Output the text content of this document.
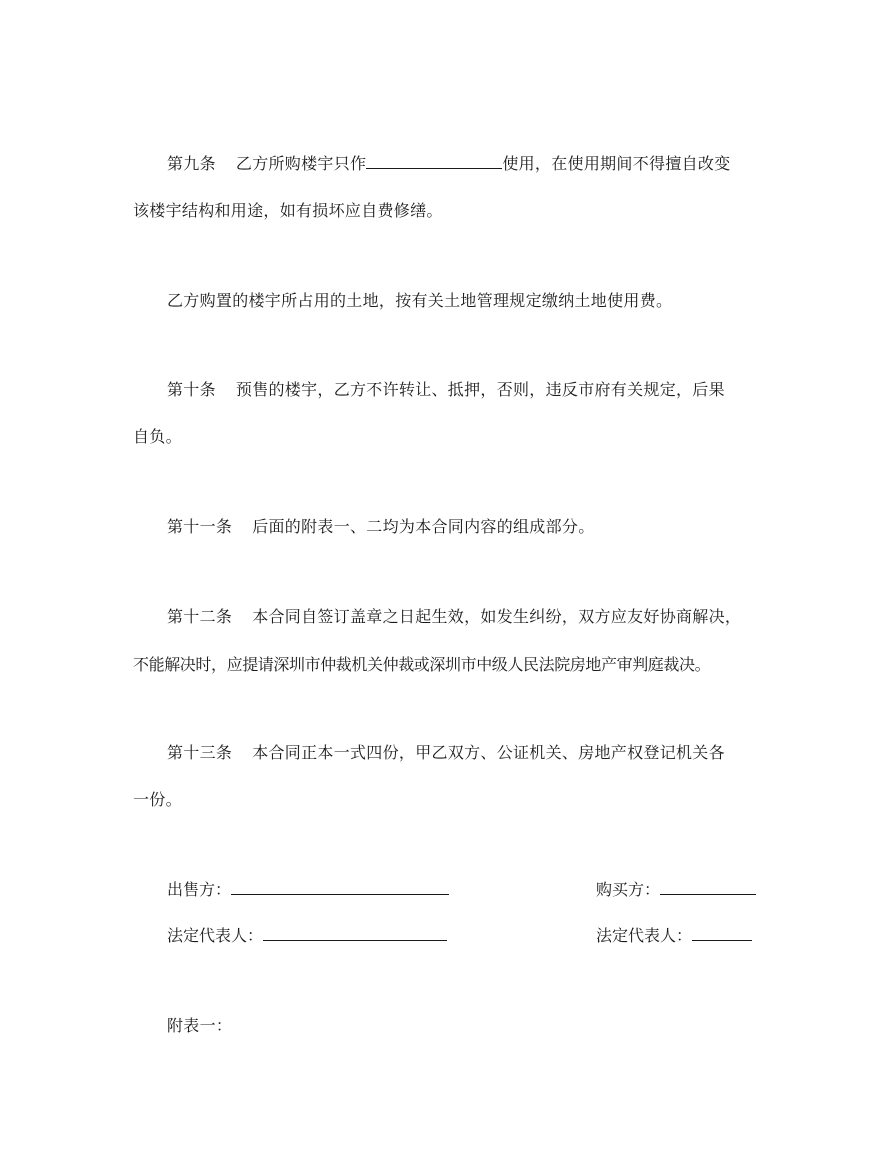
第九条 乙方所购楼宇只作	使用，在使用期间不得擅自改变
该楼宇结构和用途，如有损坏应自费修缮。
乙方购置的楼宇所占用的土地，按有关土地管理规定缴纳土地使用费。
第十条 预售的楼宇，乙方不许转让、抵押，否则，违反市府有关规定，后果
自负。
第十一条 后面的附表一、二均为本合同内容的组成部分。
第十二条 本合同自签订盖章之日起生效，如发生纠纷，双方应友好协商解决，
不能解决时，应提请深圳市仲裁机关仲裁或深圳市中级人民法院房地产审判庭裁决。
第十三条 本合同正本一式四份，甲乙双方、公证机关、房地产权登记机关各
一份。
出售方：	购买方：
法定代表人：	法定代表人：
附表一：
